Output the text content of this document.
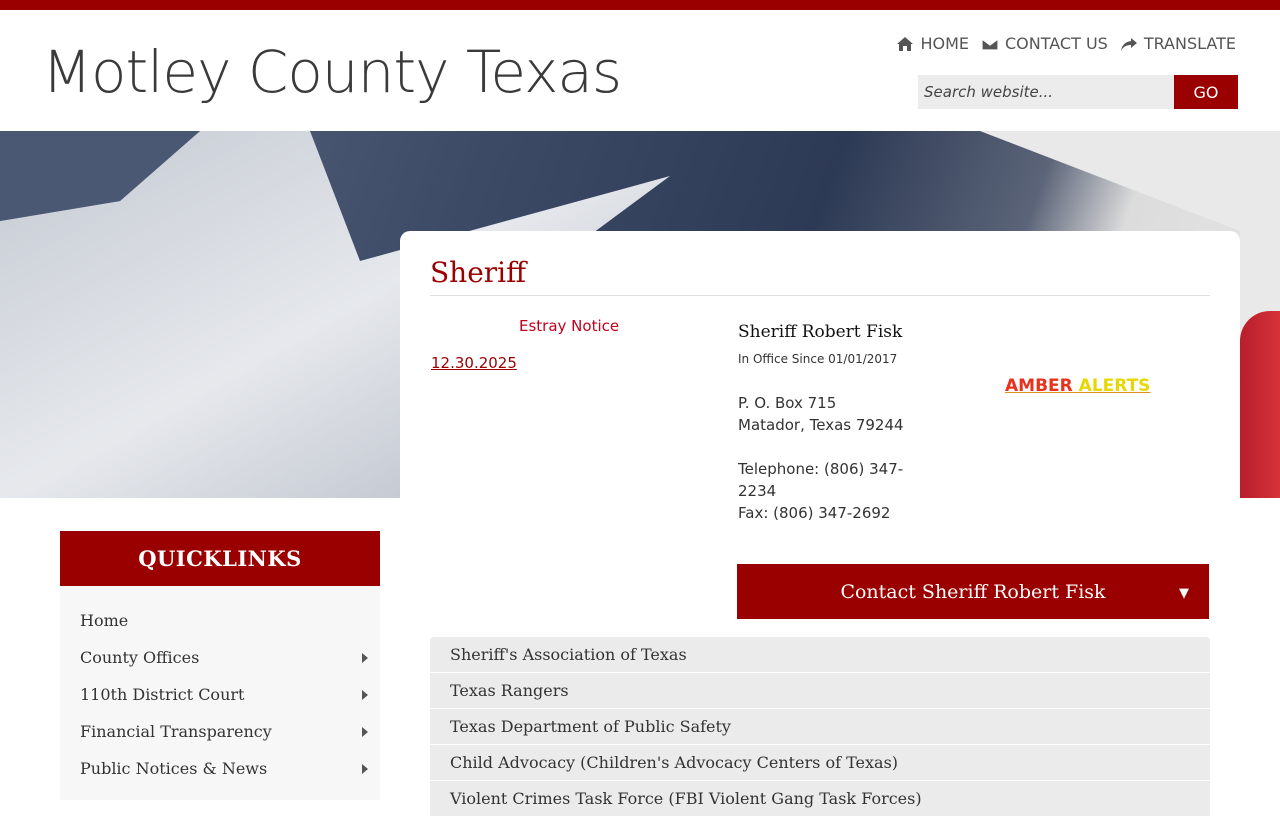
Motley County Texas	HOME CONTACT US TRANSLATE
Search website...
GO
Sheriff
Estray Notice
12.30.2025
Sheriff Robert Fisk
In Office Since 01/01/2017
P. O. Box 715
Matador, Texas 79244
Telephone: (806) 347-2234
Fax: (806) 347-2692
AMBER ALERTS
Contact Sheriff Robert Fisk	▼
Sheriff's Association of Texas
Texas Rangers
Texas Department of Public Safety
Child Advocacy (Children's Advocacy Centers of Texas)
Violent Crimes Task Force (FBI Violent Gang Task Forces)
QUICKLINKS
Home
County Offices
110th District Court
Financial Transparency
Public Notices & News
